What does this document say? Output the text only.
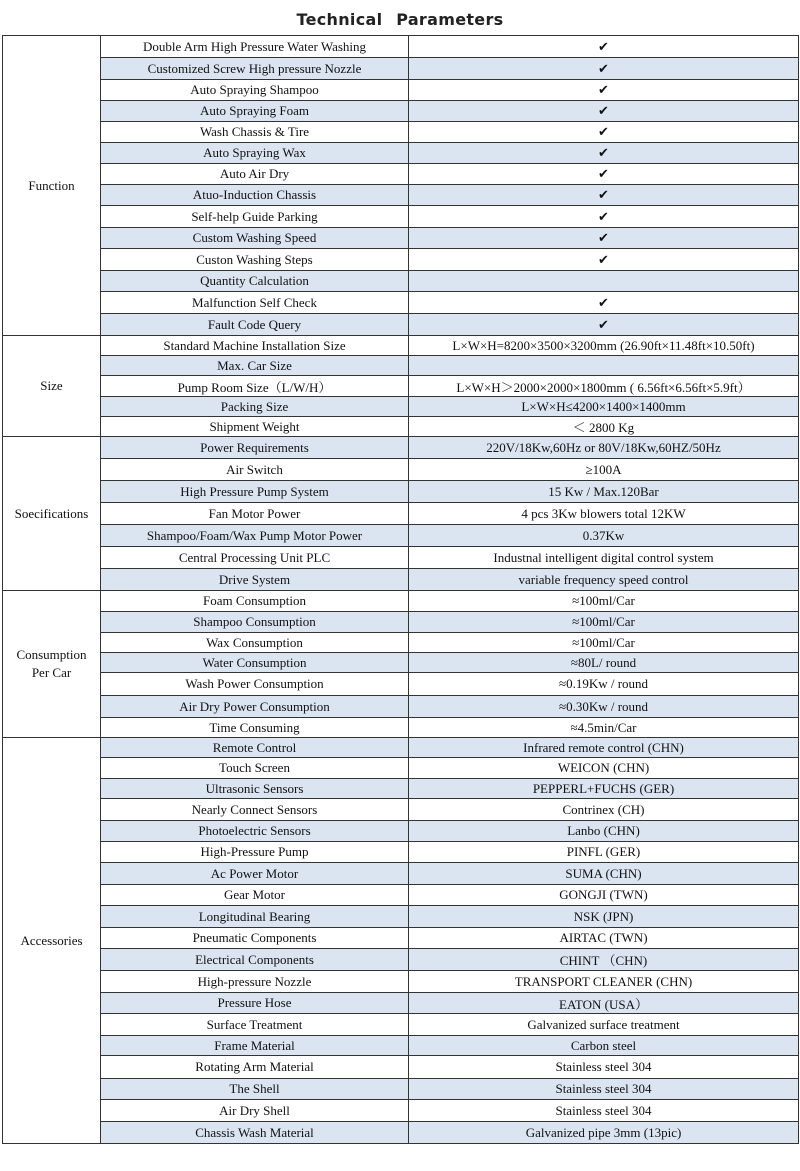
Technical Parameters
Function	Double Arm High Pressure Water Washing	✔
	Customized Screw High pressure Nozzle	✔
	Auto Spraying Shampoo	✔
	Auto Spraying Foam	✔
	Wash Chassis & Tire	✔
	Auto Spraying Wax	✔
	Auto Air Dry	✔
	Atuo-Induction Chassis	✔
	Self-help Guide Parking	✔
	Custom Washing Speed	✔
	Custon Washing Steps	✔
	Quantity Calculation	
	Malfunction Self Check	✔
	Fault Code Query	✔
Size	Standard Machine Installation Size	L×W×H=8200×3500×3200mm (26.90ft×11.48ft×10.50ft)
	Max. Car Size	
	Pump Room Size（L/W/H）	L×W×H＞2000×2000×1800mm ( 6.56ft×6.56ft×5.9ft）
	Packing Size	L×W×H≤4200×1400×1400mm
	Shipment Weight	＜ 2800 Kg
Soecifications	Power Requirements	220V/18Kw,60Hz or 80V/18Kw,60HZ/50Hz
	Air Switch	≥100A
	High Pressure Pump System	15 Kw / Max.120Bar
	Fan Motor Power	4 pcs 3Kw blowers total 12KW
	Shampoo/Foam/Wax Pump Motor Power	0.37Kw
	Central Processing Unit PLC	Industnal intelligent digital control system
	Drive System	variable frequency speed control
Consumption
Per Car	Foam Consumption	≈100ml/Car
	Shampoo Consumption	≈100ml/Car
	Wax Consumption	≈100ml/Car
	Water Consumption	≈80L/ round
	Wash Power Consumption	≈0.19Kw / round
	Air Dry Power Consumption	≈0.30Kw / round
	Time Consuming	≈4.5min/Car
Accessories	Remote Control	Infrared remote control (CHN)
	Touch Screen	WEICON (CHN)
	Ultrasonic Sensors	PEPPERL+FUCHS (GER)
	Nearly Connect Sensors	Contrinex (CH)
	Photoelectric Sensors	Lanbo (CHN)
	High-Pressure Pump	PINFL (GER)
	Ac Power Motor	SUMA (CHN)
	Gear Motor	GONGJI (TWN)
	Longitudinal Bearing	NSK (JPN)
	Pneumatic Components	AIRTAC (TWN)
	Electrical Components	CHINT （CHN)
	High-pressure Nozzle	TRANSPORT CLEANER (CHN)
	Pressure Hose	EATON (USA）
	Surface Treatment	Galvanized surface treatment
	Frame Material	Carbon steel
	Rotating Arm Material	Stainless steel 304
	The Shell	Stainless steel 304
	Air Dry Shell	Stainless steel 304
	Chassis Wash Material	Galvanized pipe 3mm (13pic)
